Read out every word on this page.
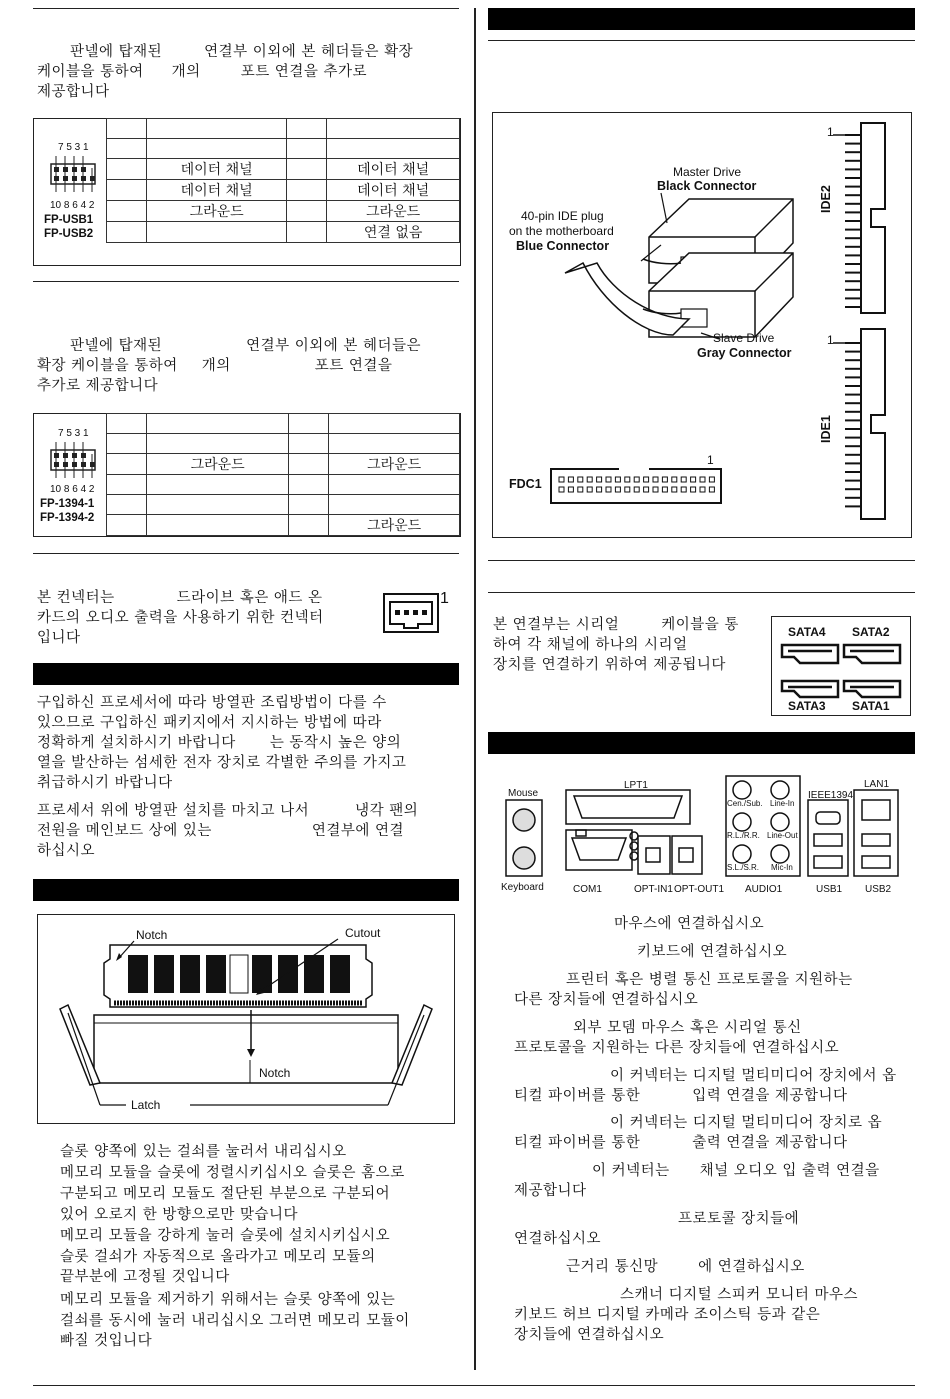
판넬에 탑재된	연결부 이외에 본 헤더들은 확장
케이블을 통하여 개의	포트 연결을 추가로
제공합니다

	데이터 채널		데이터 채널
	데이터 채널		데이터 채널
	그라운드		그라운드
			연결 없음
7 5 3 1
10 8 6 4 2
FP-USB1
FP-USB2
판넬에 탑재된	연결부 이외에 본 헤더들은
확장 케이블을 통하여 개의	포트 연결을
추가로 제공합니다

	그라운드		그라운드

			그라운드
7 5 3 1
10 8 6 4 2
FP-1394-1
FP-1394-2
본 컨넥터는	드라이브 혹은 애드 온
카드의 오디오 출력을 사용하기 위한 컨넥터
입니다
1
구입하신 프로세서에 따라 방열판 조립방법이 다를 수
있으므로 구입하신 패키지에서 지시하는 방법에 따라
정확하게 설치하시기 바랍니다 는 동작시 높은 양의
열을 발산하는 섬세한 전자 장치로 각별한 주의를 가지고
취급하시기 바랍니다
프로세서 위에 방열판 설치를 마치고 나서	냉각 팬의
전원을 메인보드 상에 있는	연결부에 연결
하십시오
Notch	Cutout
Notch
Latch
슬롯 양쪽에 있는 걸쇠를 눌러서 내리십시오
메모리 모듈을 슬롯에 정렬시키십시오 슬롯은 홈으로
구분되고 메모리 모듈도 절단된 부분으로 구분되어
있어 오로지 한 방향으로만 맞습니다
메모리 모듈을 강하게 눌러 슬롯에 설치시키십시오
슬롯 걸쇠가 자동적으로 올라가고 메모리 모듈의
끝부분에 고정될 것입니다
메모리 모듈을 제거하기 위해서는 슬롯 양쪽에 있는
걸쇠를 동시에 눌러 내리십시오 그러면 메모리 모듈이
빠질 것입니다
Master Drive
Black Connector
40-pin IDE plug
on the motherboard
Blue Connector
Slave Drive
Gray Connector
1
1
IDE2
IDE1
FDC1
1
본 연결부는 시리얼	케이블을 통
하여 각 채널에 하나의 시리얼
장치를 연결하기 위하여 제공됩니다
SATA4 SATA2
SATA3 SATA1
Mouse
Keyboard
LPT1
COM1	OPT-IN1 OPT-OUT1 AUDIO1
IEEE1394
LAN1
USB1 USB2
Cen./Sub. Line-In
R.L./R.R. Line-Out
S.L./S.R. Mic-In
마우스에 연결하십시오
키보드에 연결하십시오
프린터 혹은 병렬 통신 프로토콜을 지원하는
다른 장치들에 연결하십시오
외부 모뎀 마우스 혹은 시리얼 통신
프로토콜을 지원하는 다른 장치들에 연결하십시오
이 커넥터는 디지털 멀티미디어 장치에서 옵
티컬 파이버를 통한	입력 연결을 제공합니다
이 커넥터는 디지털 멀티미디어 장치로 옵
티컬 파이버를 통한	출력 연결을 제공합니다
이 커넥터는 채널 오디오 입 출력 연결을
제공합니다
프로토콜 장치들에
연결하십시오
근거리 통신망	에 연결하십시오
스캐너 디지털 스피커 모니터 마우스
키보드 허브 디지털 카메라 조이스틱 등과 같은
장치들에 연결하십시오
